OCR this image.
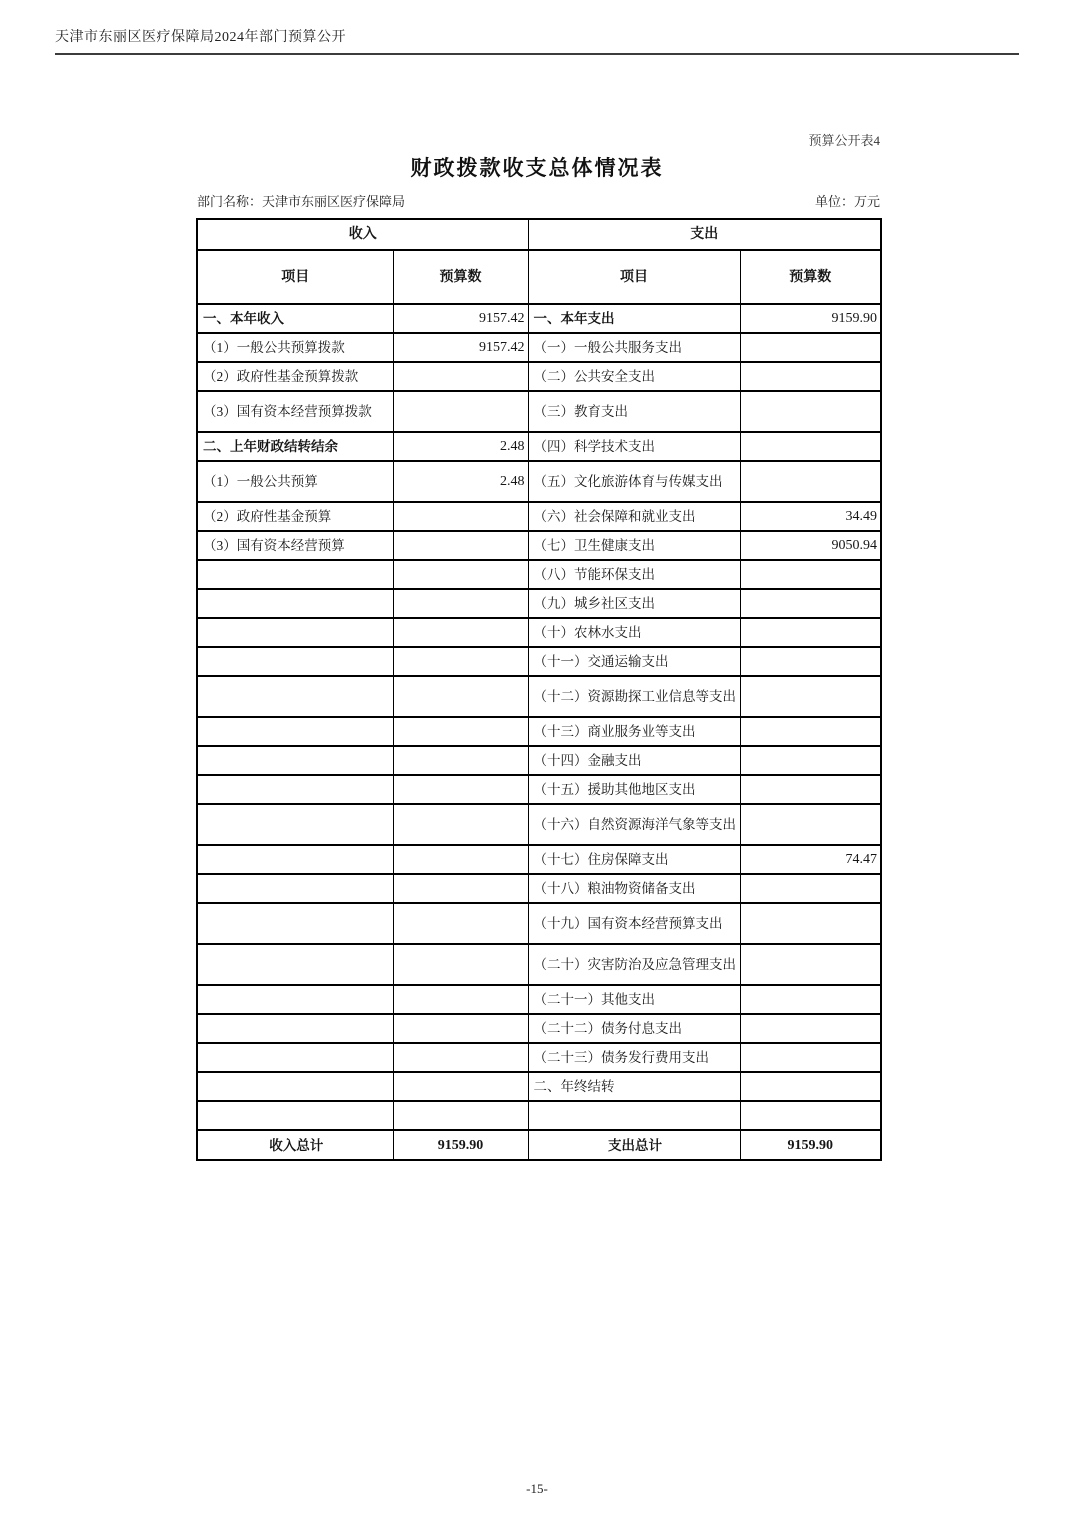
天津市东丽区医疗保障局2024年部门预算公开
预算公开表4
财政拨款收支总体情况表
部门名称：天津市东丽区医疗保障局	单位：万元
收入		支出	
项目	预算数	项目	预算数
一、本年收入	9157.42	一、本年支出	9159.90
（1）一般公共预算拨款	9157.42	（一）一般公共服务支出	
（2）政府性基金预算拨款		（二）公共安全支出	
（3）国有资本经营预算拨款		（三）教育支出	
二、上年财政结转结余	2.48	（四）科学技术支出	
（1）一般公共预算	2.48	（五）文化旅游体育与传媒支出	
（2）政府性基金预算		（六）社会保障和就业支出	34.49
（3）国有资本经营预算		（七）卫生健康支出	9050.94
		（八）节能环保支出	
		（九）城乡社区支出	
		（十）农林水支出	
		（十一）交通运输支出	
		（十二）资源勘探工业信息等支出	
		（十三）商业服务业等支出	
		（十四）金融支出	
		（十五）援助其他地区支出	
		（十六）自然资源海洋气象等支出	
		（十七）住房保障支出	74.47
		（十八）粮油物资储备支出	
		（十九）国有资本经营预算支出	
		（二十）灾害防治及应急管理支出	
		（二十一）其他支出	
		（二十二）债务付息支出	
		（二十三）债务发行费用支出	
		二、年终结转	

收入总计	9159.90	支出总计	9159.90
-15-
